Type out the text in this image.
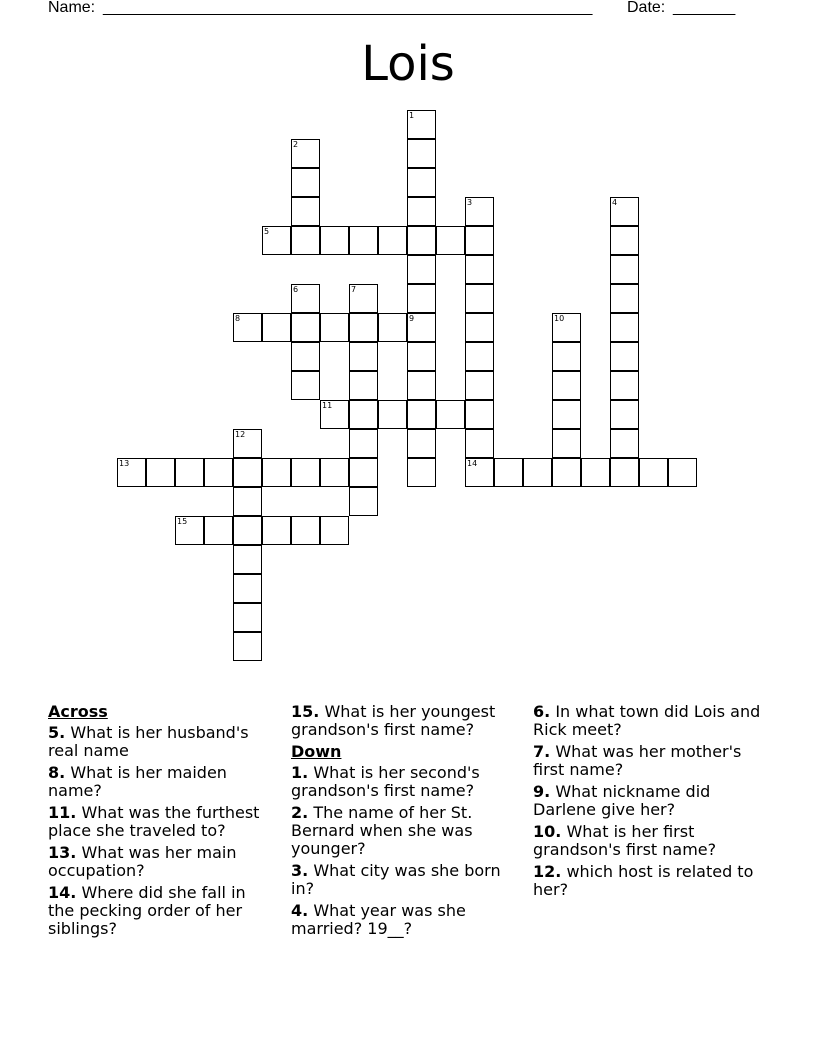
Name: _______________________________________________________ Date: _______
Lois
1
2
3	4
5
6	7
8	9	10
11
12
13	14
15
Across
5. What is her husband's real name
8. What is her maiden name?
11. What was the furthest place she traveled to?
13. What was her main occupation?
14. Where did she fall in the pecking order of her siblings?
15. What is her youngest grandson's first name?
Down
1. What is her second's grandson's first name?
2. The name of her St. Bernard when she was younger?
3. What city was she born in?
4. What year was she married? 19__?
6. In what town did Lois and Rick meet?
7. What was her mother's first name?
9. What nickname did Darlene give her?
10. What is her first grandson's first name?
12. which host is related to her?
